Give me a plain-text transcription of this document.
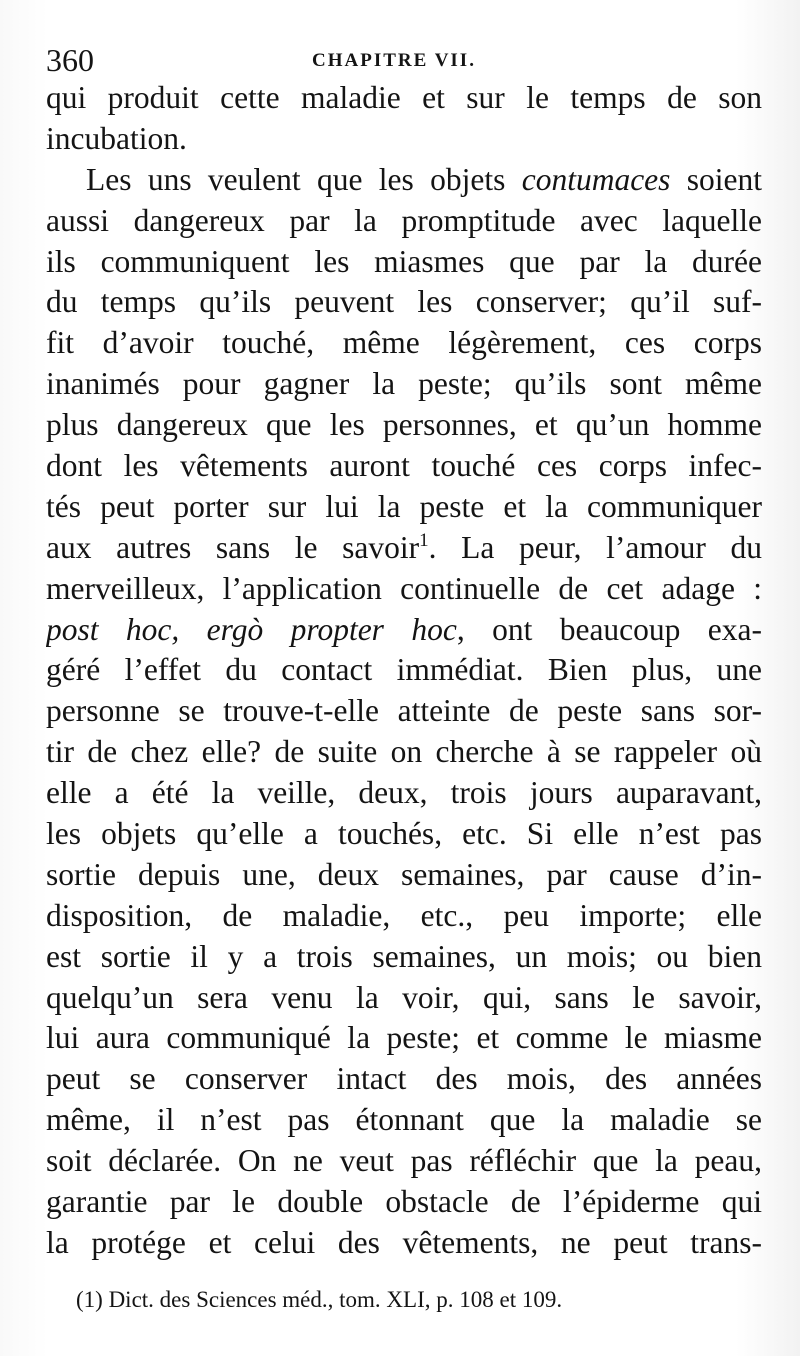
360	CHAPITRE VII.
qui produit cette maladie et sur le temps de son
incubation.
Les uns veulent que les objets contumaces soient
aussi dangereux par la promptitude avec laquelle
ils communiquent les miasmes que par la durée
du temps qu’ils peuvent les conserver; qu’il suf-
fit d’avoir touché, même légèrement, ces corps
inanimés pour gagner la peste; qu’ils sont même
plus dangereux que les personnes, et qu’un homme
dont les vêtements auront touché ces corps infec-
tés peut porter sur lui la peste et la communiquer
aux autres sans le savoir$^1$. La peur, l’amour du
merveilleux, l’application continuelle de cet adage :
post hoc, ergò propter hoc, ont beaucoup exa-
géré l’effet du contact immédiat. Bien plus, une
personne se trouve-t-elle atteinte de peste sans sor-
tir de chez elle? de suite on cherche à se rappeler où
elle a été la veille, deux, trois jours auparavant,
les objets qu’elle a touchés, etc. Si elle n’est pas
sortie depuis une, deux semaines, par cause d’in-
disposition, de maladie, etc., peu importe; elle
est sortie il y a trois semaines, un mois; ou bien
quelqu’un sera venu la voir, qui, sans le savoir,
lui aura communiqué la peste; et comme le miasme
peut se conserver intact des mois, des années
même, il n’est pas étonnant que la maladie se
soit déclarée. On ne veut pas réfléchir que la peau,
garantie par le double obstacle de l’épiderme qui
la protége et celui des vêtements, ne peut trans-
(1) Dict. des Sciences méd., tom. XLI, p. 108 et 109.
